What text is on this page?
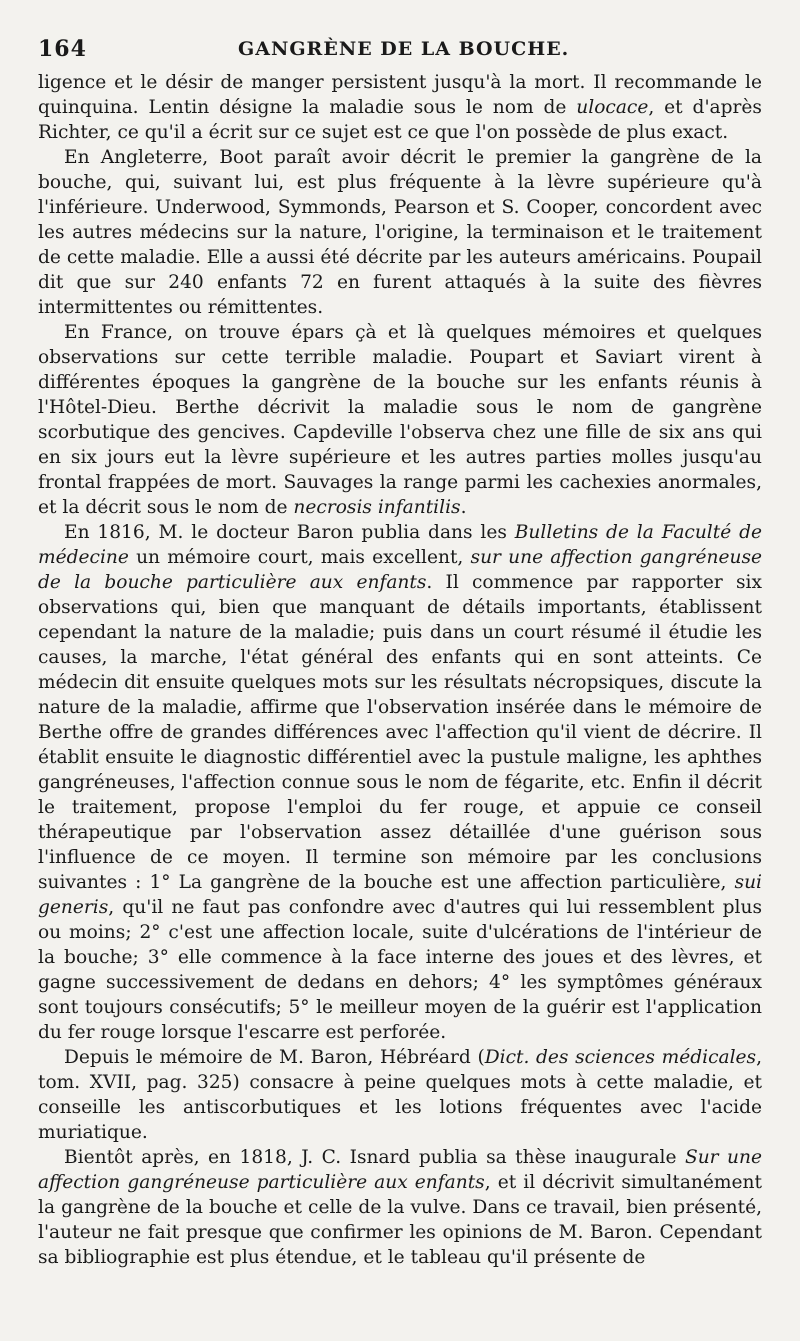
164	GANGRÈNE DE LA BOUCHE.

ligence et le désir de manger persistent jusqu'à la mort. Il recommande le quinquina. Lentin désigne la maladie sous le nom de ulocace, et d'après Richter, ce qu'il a écrit sur ce sujet est ce que l'on possède de plus exact.

En Angleterre, Boot paraît avoir décrit le premier la gangrène de la bouche, qui, suivant lui, est plus fréquente à la lèvre supérieure qu'à l'inférieure. Underwood, Symmonds, Pearson et S. Cooper, concordent avec les autres médecins sur la nature, l'origine, la terminaison et le traitement de cette maladie. Elle a aussi été décrite par les auteurs américains. Poupail dit que sur 240 enfants 72 en furent attaqués à la suite des fièvres intermittentes ou rémittentes.

En France, on trouve épars çà et là quelques mémoires et quelques observations sur cette terrible maladie. Poupart et Saviart virent à différentes époques la gangrène de la bouche sur les enfants réunis à l'Hôtel-Dieu. Berthe décrivit la maladie sous le nom de gangrène scorbutique des gencives. Capdeville l'observa chez une fille de six ans qui en six jours eut la lèvre supérieure et les autres parties molles jusqu'au frontal frappées de mort. Sauvages la range parmi les cachexies anormales, et la décrit sous le nom de necrosis infantilis.

En 1816, M. le docteur Baron publia dans les Bulletins de la Faculté de médecine un mémoire court, mais excellent, sur une affection gangréneuse de la bouche particulière aux enfants. Il commence par rapporter six observations qui, bien que manquant de détails importants, établissent cependant la nature de la maladie; puis dans un court résumé il étudie les causes, la marche, l'état général des enfants qui en sont atteints. Ce médecin dit ensuite quelques mots sur les résultats nécropsiques, discute la nature de la maladie, affirme que l'observation insérée dans le mémoire de Berthe offre de grandes différences avec l'affection qu'il vient de décrire. Il établit ensuite le diagnostic différentiel avec la pustule maligne, les aphthes gangréneuses, l'affection connue sous le nom de fégarite, etc. Enfin il décrit le traitement, propose l'emploi du fer rouge, et appuie ce conseil thérapeutique par l'observation assez détaillée d'une guérison sous l'influence de ce moyen. Il termine son mémoire par les conclusions suivantes : 1° La gangrène de la bouche est une affection particulière, sui generis, qu'il ne faut pas confondre avec d'autres qui lui ressemblent plus ou moins; 2° c'est une affection locale, suite d'ulcérations de l'intérieur de la bouche; 3° elle commence à la face interne des joues et des lèvres, et gagne successivement de dedans en dehors; 4° les symptômes généraux sont toujours consécutifs; 5° le meilleur moyen de la guérir est l'application du fer rouge lorsque l'escarre est perforée.

Depuis le mémoire de M. Baron, Hébréard (Dict. des sciences médicales, tom. XVII, pag. 325) consacre à peine quelques mots à cette maladie, et conseille les antiscorbutiques et les lotions fréquentes avec l'acide muriatique.

Bientôt après, en 1818, J. C. Isnard publia sa thèse inaugurale Sur une affection gangréneuse particulière aux enfants, et il décrivit simultanément la gangrène de la bouche et celle de la vulve. Dans ce travail, bien présenté, l'auteur ne fait presque que confirmer les opinions de M. Baron. Cependant sa bibliographie est plus étendue, et le tableau qu'il présente de
